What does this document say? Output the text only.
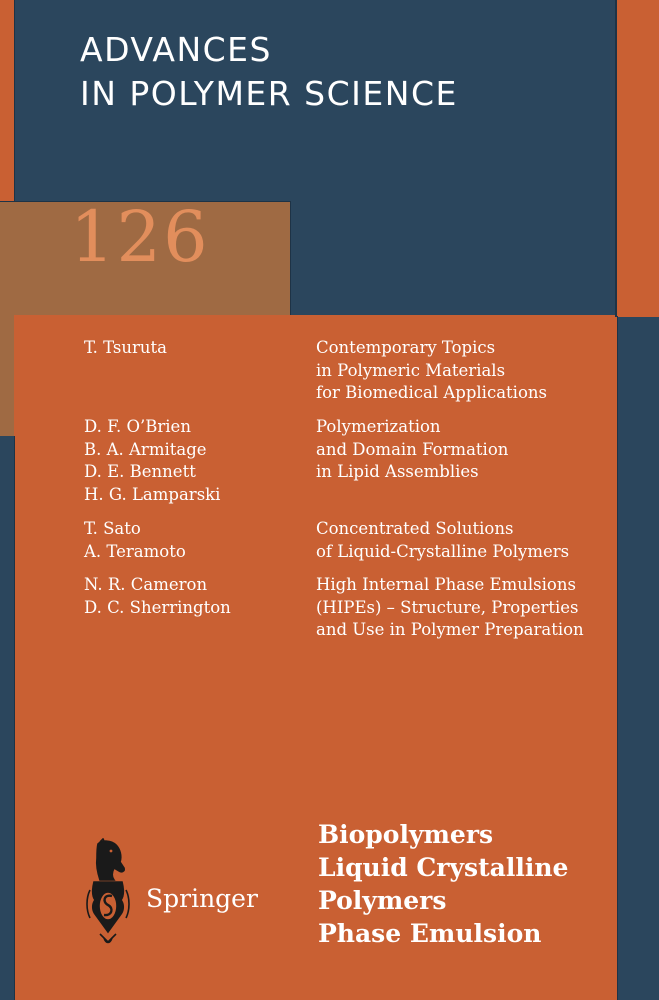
ADVANCES
IN POLYMER SCIENCE
126
T. Tsuruta	Contemporary Topics
in Polymeric Materials
for Biomedical Applications
D. F. O’Brien
B. A. Armitage
D. E. Bennett
H. G. Lamparski
Polymerization
and Domain Formation
in Lipid Assemblies
T. Sato
A. Teramoto
Concentrated Solutions
of Liquid-Crystalline Polymers
N. R. Cameron
D. C. Sherrington
High Internal Phase Emulsions
(HIPEs) – Structure, Properties
and Use in Polymer Preparation
Biopolymers
Liquid Crystalline
Polymers
Phase Emulsion
Springer
